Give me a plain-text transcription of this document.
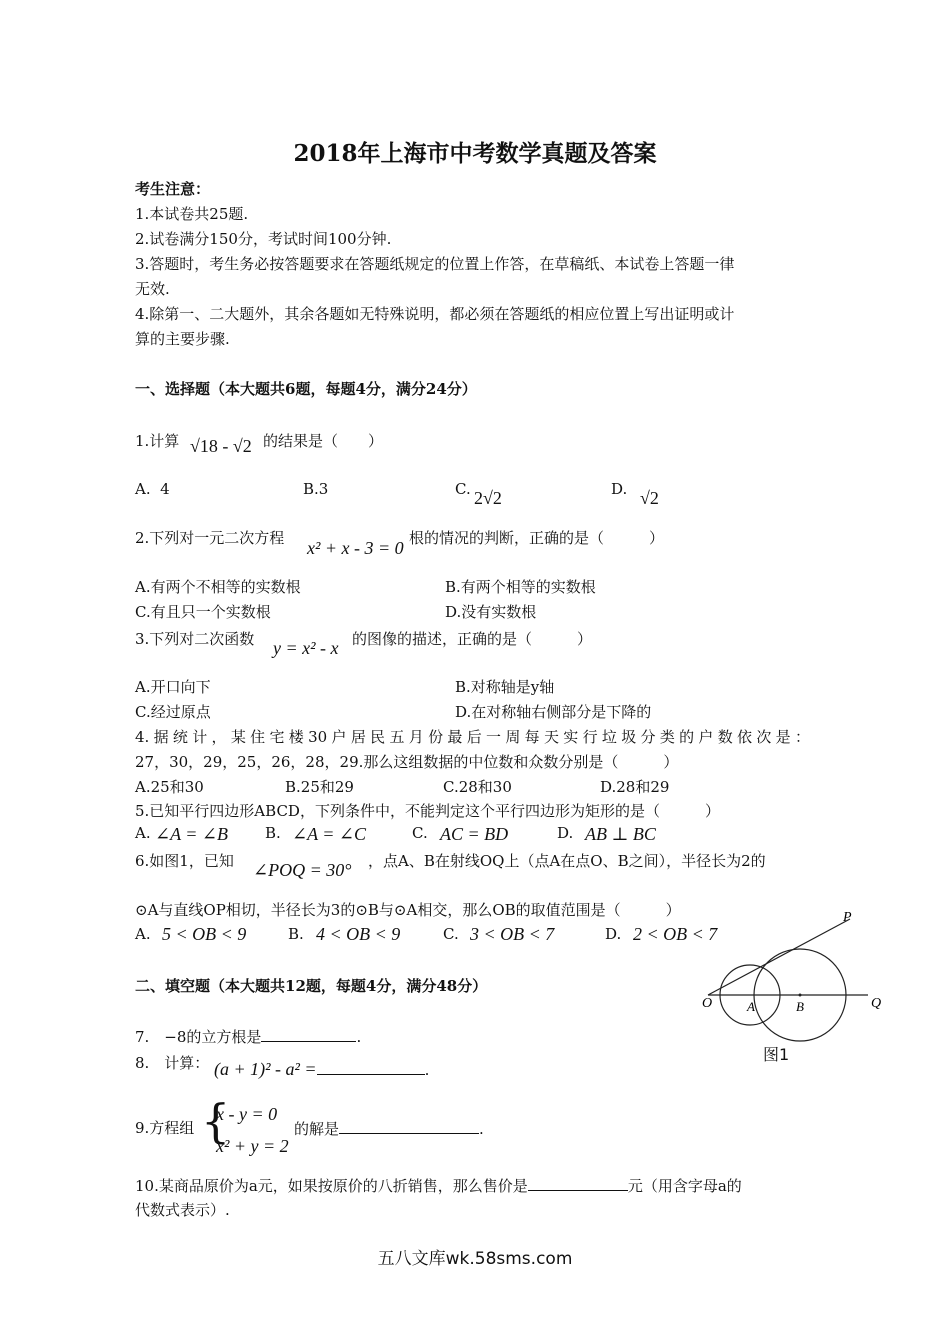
2018年上海市中考数学真题及答案
考生注意：
1.本试卷共25题.
2.试卷满分150分，考试时间100分钟.
3.答题时，考生务必按答题要求在答题纸规定的位置上作答，在草稿纸、本试卷上答题一律
无效.
4.除第一、二大题外，其余各题如无特殊说明，都必须在答题纸的相应位置上写出证明或计
算的主要步骤.
一、选择题（本大题共6题，每题4分，满分24分）
1.计算 √18 - √2 的结果是（　　）
A. 4	B.3	C. 2√2	D. √2
2.下列对一元二次方程 x² + x - 3 = 0 根的情况的判断，正确的是（　　　）
A.有两个不相等的实数根	B.有两个相等的实数根
C.有且只一个实数根	D.没有实数根
3.下列对二次函数 y = x² - x 的图像的描述，正确的是（　　　）
A.开口向下	B.对称轴是y轴
C.经过原点	D.在对称轴右侧部分是下降的
4.据统计，某住宅楼30户居民五月份最后一周每天实行垃圾分类的户数依次是：
27，30，29，25，26，28，29.那么这组数据的中位数和众数分别是（　　　）
A.25和30	B.25和29	C.28和30	D.28和29
5.已知平行四边形ABCD，下列条件中，不能判定这个平行四边形为矩形的是（　　　）
A. ∠A = ∠B B. ∠A = ∠C	C. AC = BD	D. AB ⊥ BC
6.如图1，已知 ∠POQ = 30° ，点A、B在射线OQ上（点A在点O、B之间），半径长为2的
⊙A与直线OP相切，半径长为3的⊙B与⊙A相交，那么OB的取值范围是（　　　）
A. 5 < OB < 9	B. 4 < OB < 9	C. 3 < OB < 7	D. 2 < OB < 7
P
O	A	B	Q
图1
二、填空题（本大题共12题，每题4分，满分48分）
7.　−8的立方根是	.
8.　计算： (a + 1)² - a² =	.
9.方程组 {
x - y = 0
x² + y = 2
的解是	.
10.某商品原价为a元，如果按原价的八折销售，那么售价是	元（用含字母a的
代数式表示）.
五八文库wk.58sms.com
